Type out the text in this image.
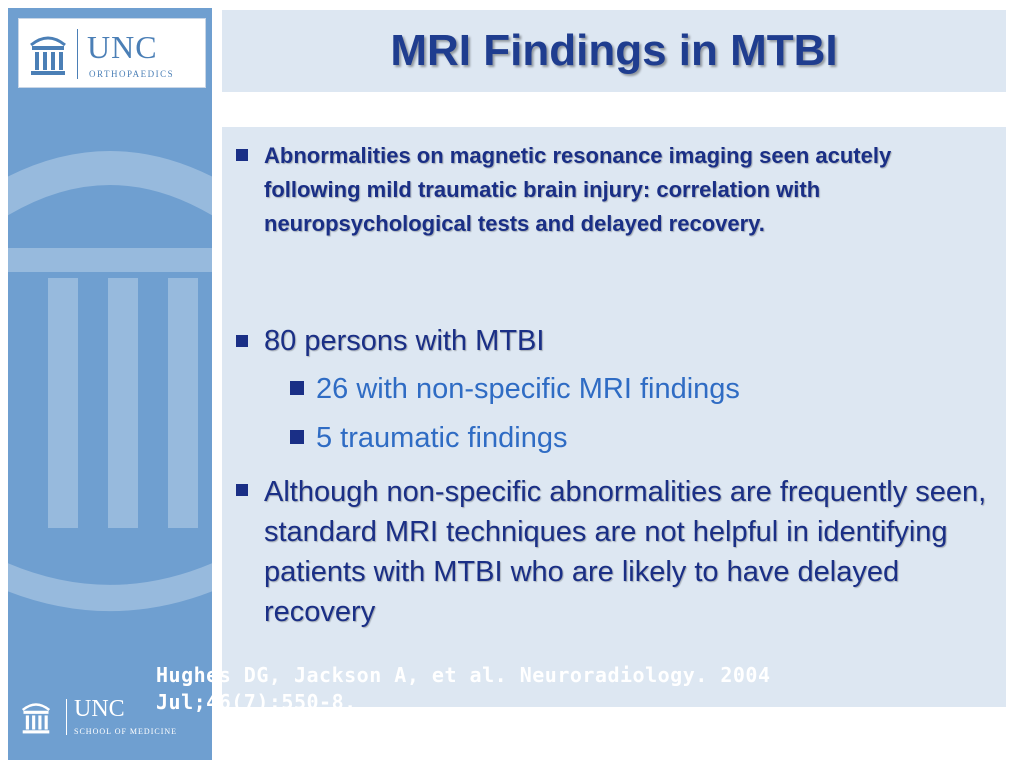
UNC
ORTHOPAEDICS
UNC
SCHOOL OF MEDICINE
MRI Findings in MTBI
Abnormalities on magnetic resonance imaging seen acutely following mild traumatic brain injury: correlation with neuropsychological tests and delayed recovery.
80 persons with MTBI
26 with non-specific MRI findings
5 traumatic findings
Although non-specific abnormalities are frequently seen, standard MRI techniques are not helpful in identifying patients with MTBI who are likely to have delayed recovery
Hughes DG, Jackson A, et al. Neuroradiology. 2004 Jul;46(7):550-8.
